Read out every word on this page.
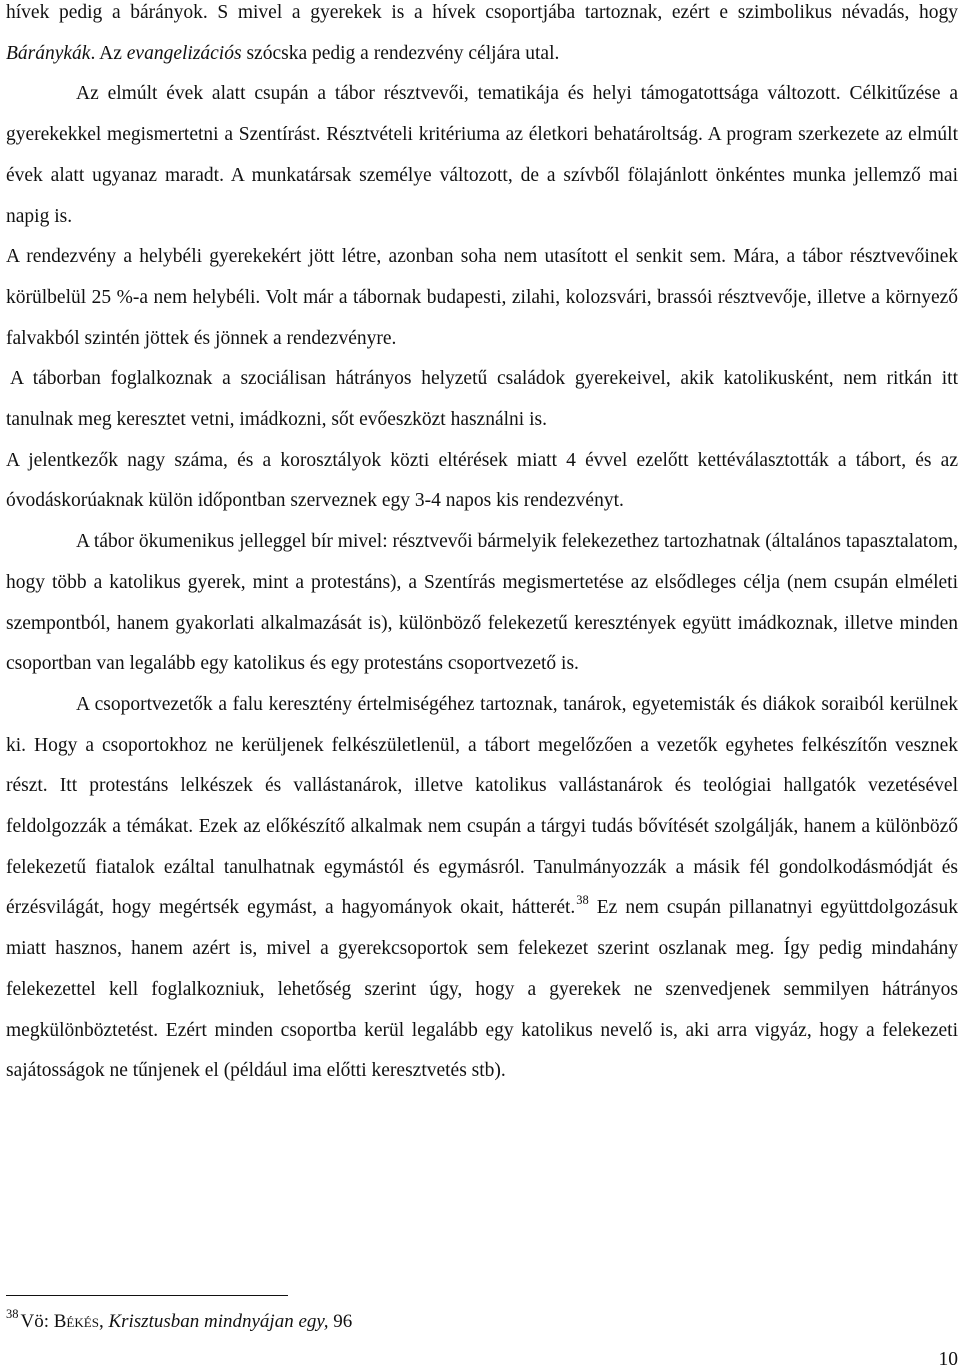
hívek pedig a bárányok. S mivel a gyerekek is a hívek csoportjába tartoznak, ezért e szimbolikus névadás, hogy Báránykák. Az evangelizációs szócska pedig a rendezvény céljára utal.

Az elmúlt évek alatt csupán a tábor résztvevői, tematikája és helyi támogatottsága változott. Célkitűzése a gyerekekkel megismertetni a Szentírást. Résztvételi kritériuma az életkori behatároltság. A program szerkezete az elmúlt évek alatt ugyanaz maradt. A munkatársak személye változott, de a szívből fölajánlott önkéntes munka jellemző mai napig is.

A rendezvény a helybéli gyerekekért jött létre, azonban soha nem utasított el senkit sem. Mára, a tábor résztvevőinek körülbelül 25 %-a nem helybéli. Volt már a tábornak budapesti, zilahi, kolozsvári, brassói résztvevője, illetve a környező falvakból szintén jöttek és jönnek a rendezvényre.

A táborban foglalkoznak a szociálisan hátrányos helyzetű családok gyerekeivel, akik katolikusként, nem ritkán itt tanulnak meg keresztet vetni, imádkozni, sőt evőeszközt használni is.

A jelentkezők nagy száma, és a korosztályok közti eltérések miatt 4 évvel ezelőtt kettéválasztották a tábort, és az óvodáskorúaknak külön időpontban szerveznek egy 3-4 napos kis rendezvényt.

A tábor ökumenikus jelleggel bír mivel: résztvevői bármelyik felekezethez tartozhatnak (általános tapasztalatom, hogy több a katolikus gyerek, mint a protestáns), a Szentírás megismertetése az elsődleges célja (nem csupán elméleti szempontból, hanem gyakorlati alkalmazását is), különböző felekezetű keresztények együtt imádkoznak, illetve minden csoportban van legalább egy katolikus és egy protestáns csoportvezető is.

A csoportvezetők a falu keresztény értelmiségéhez tartoznak, tanárok, egyetemisták és diákok soraiból kerülnek ki. Hogy a csoportokhoz ne kerüljenek felkészületlenül, a tábort megelőzően a vezetők egyhetes felkészítőn vesznek részt. Itt protestáns lelkészek és vallástanárok, illetve katolikus vallástanárok és teológiai hallgatók vezetésével feldolgozzák a témákat. Ezek az előkészítő alkalmak nem csupán a tárgyi tudás bővítését szolgálják, hanem a különböző felekezetű fiatalok ezáltal tanulhatnak egymástól és egymásról. Tanulmányozzák a másik fél gondolkodásmódját és érzésvilágát, hogy megértsék egymást, a hagyományok okait, hátterét.$^{38}$ Ez nem csupán pillanatnyi együttdolgozásuk miatt hasznos, hanem azért is, mivel a gyerekcsoportok sem felekezet szerint oszlanak meg. Így pedig mindahány felekezettel kell foglalkozniuk, lehetőség szerint úgy, hogy a gyerekek ne szenvedjenek semmilyen hátrányos megkülönböztetést. Ezért minden csoportba kerül legalább egy katolikus nevelő is, aki arra vigyáz, hogy a felekezeti sajátosságok ne tűnjenek el (például ima előtti keresztvetés stb).

$^{38}$ Vö: Békés, Krisztusban mindnyájan egy, 96
10
